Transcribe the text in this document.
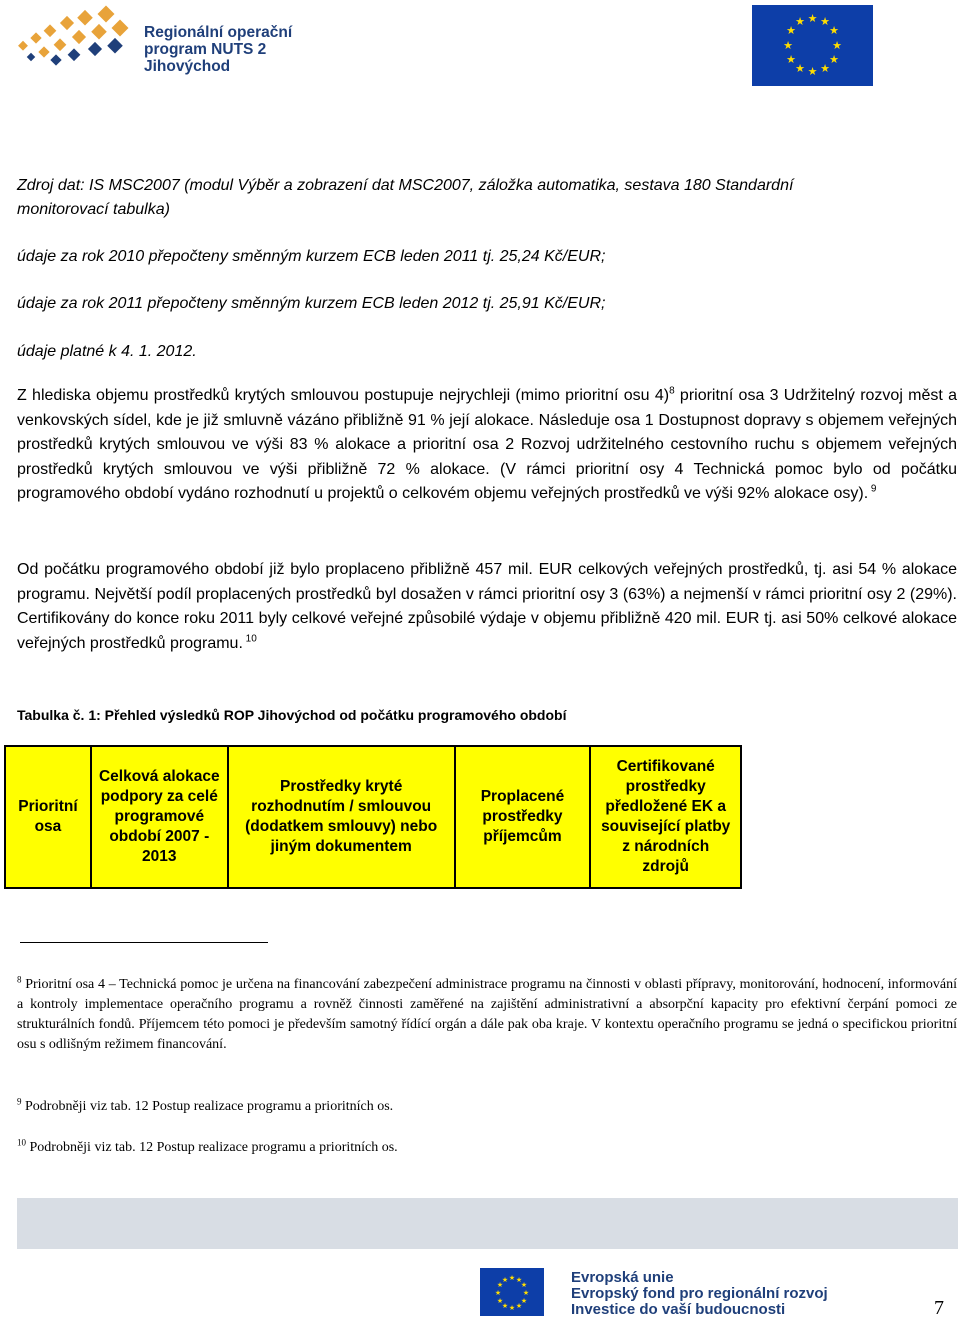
Regionální operační
program NUTS 2
Jihovýchod
★ ★
★
★
★
★
★
★
★
★
★
★
Zdroj dat: IS MSC2007 (modul Výběr a zobrazení dat MSC2007, záložka automatika, sestava 180 Standardní
monitorovací tabulka)
údaje za rok 2010 přepočteny směnným kurzem ECB leden 2011 tj. 25,24 Kč/EUR;
údaje za rok 2011 přepočteny směnným kurzem ECB leden 2012 tj. 25,91 Kč/EUR;
údaje platné k 4. 1. 2012.
Z hlediska objemu prostředků krytých smlouvou postupuje nejrychleji (mimo prioritní osu 4)$^8$ prioritní osa 3 Udržitelný rozvoj měst a venkovských sídel, kde je již smluvně vázáno přibližně 91 % její alokace. Následuje osa 1 Dostupnost dopravy s objemem veřejných prostředků krytých smlouvou ve výši 83 % alokace a prioritní osa 2 Rozvoj udržitelného cestovního ruchu s objemem veřejných prostředků krytých smlouvou ve výši přibližně 72 % alokace. (V rámci prioritní osy 4 Technická pomoc bylo od počátku programového období vydáno rozhodnutí u projektů o celkovém objemu veřejných prostředků ve výši 92% alokace osy). $^9$
Od počátku programového období již bylo proplaceno přibližně 457 mil. EUR celkových veřejných prostředků, tj. asi 54 % alokace programu. Největší podíl proplacených prostředků byl dosažen v rámci prioritní osy 3 (63%) a nejmenší v rámci prioritní osy 2 (29%). Certifikovány do konce roku 2011 byly celkové veřejné způsobilé výdaje v objemu přibližně 420 mil. EUR tj. asi 50% celkové alokace veřejných prostředků programu. $^{10}$
Tabulka č. 1: Přehled výsledků ROP Jihovýchod od počátku programového období
Prioritní osa	Celková alokace podpory za celé programové období 2007 - 2013	Prostředky kryté rozhodnutím / smlouvou (dodatkem smlouvy) nebo jiným dokumentem	Proplacené prostředky příjemcům	Certifikované prostředky předložené EK a související platby z národních zdrojů
$^8$ Prioritní osa 4 – Technická pomoc je určena na financování zabezpečení administrace programu na činnosti v oblasti přípravy, monitorování, hodnocení, informování a kontroly implementace operačního programu a rovněž činnosti zaměřené na zajištění administrativní a absorpční kapacity pro efektivní čerpání pomoci ze strukturálních fondů. Příjemcem této pomoci je především samotný řídící orgán a dále pak oba kraje. V kontextu operačního programu se jedná o specifickou prioritní osu s odlišným režimem financování.
$^9$ Podrobněji viz tab. 12 Postup realizace programu a prioritních os.
$^{10}$ Podrobněji viz tab. 12 Postup realizace programu a prioritních os.
★ ★
★
★
★
★
★
★
★
★
★
★	Evropská unie
Evropský fond pro regionální rozvoj
Investice do vaší budoucnosti	7
